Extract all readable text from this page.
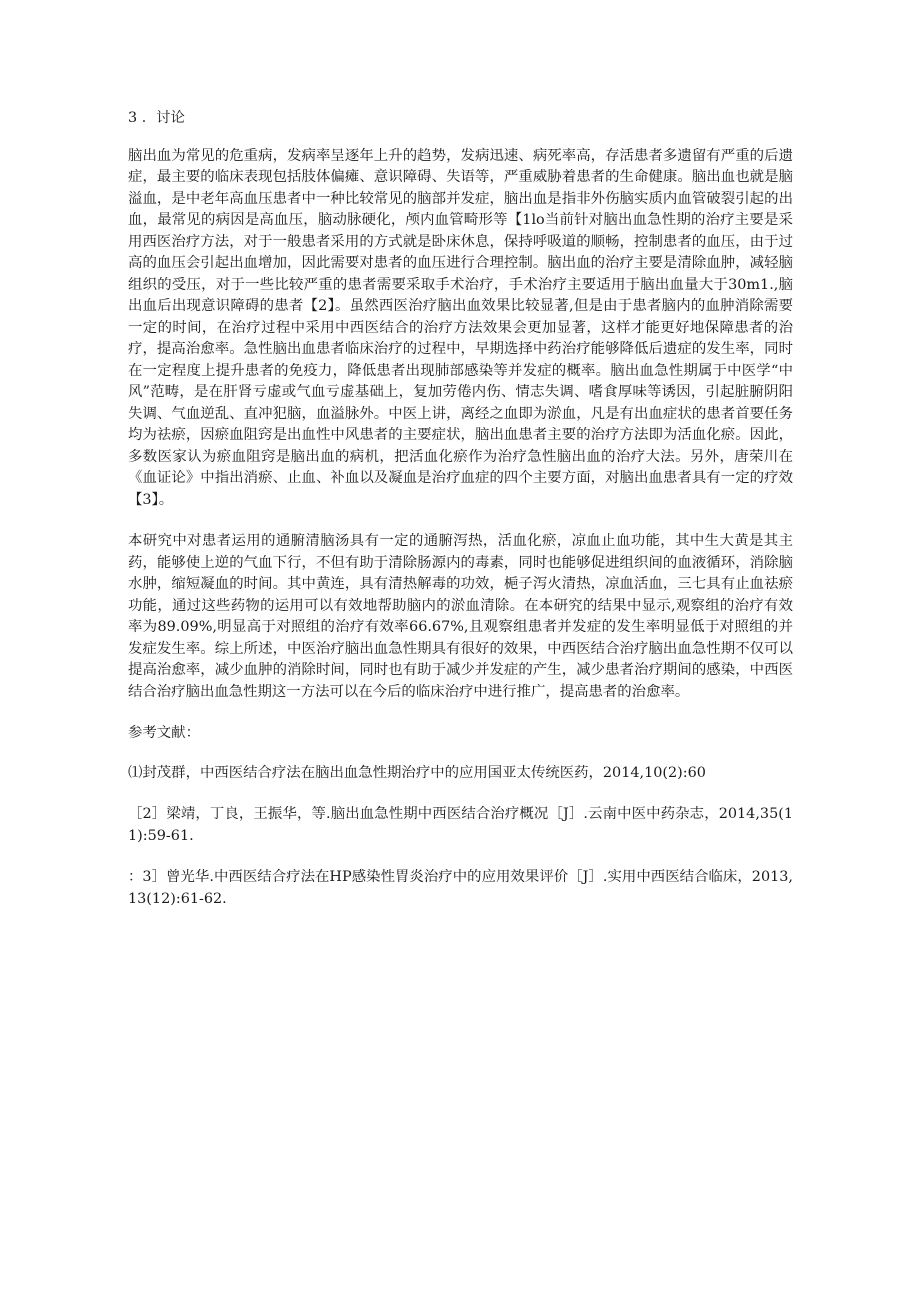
3 ．讨论

脑出血为常见的危重病，发病率呈逐年上升的趋势，发病迅速、病死率高，存活患者多遗留有严重的后遗症，最主要的临床表现包括肢体偏瘫、意识障碍、失语等，严重威胁着患者的生命健康。脑出血也就是脑溢血，是中老年高血压患者中一种比较常见的脑部并发症，脑出血是指非外伤脑实质内血管破裂引起的出血，最常见的病因是高血压，脑动脉硬化，颅内血管畸形等【1lo当前针对脑出血急性期的治疗主要是采用西医治疗方法，对于一般患者采用的方式就是卧床休息，保持呼吸道的顺畅，控制患者的血压，由于过高的血压会引起出血增加，因此需要对患者的血压进行合理控制。脑出血的治疗主要是清除血肿，减轻脑组织的受压，对于一些比较严重的患者需要采取手术治疗，手术治疗主要适用于脑出血量大于30m1.,脑出血后出现意识障碍的患者【2】。虽然西医治疗脑出血效果比较显著,但是由于患者脑内的血肿消除需要一定的时间，在治疗过程中采用中西医结合的治疗方法效果会更加显著，这样才能更好地保障患者的治疗，提高治愈率。急性脑出血患者临床治疗的过程中，早期选择中药治疗能够降低后遗症的发生率，同时在一定程度上提升患者的免疫力，降低患者出现肺部感染等并发症的概率。脑出血急性期属于中医学“中风”范畴，是在肝肾亏虚或气血亏虚基础上，复加劳倦内伤、情志失调、嗜食厚味等诱因，引起脏腑阴阳失调、气血逆乱、直冲犯脑，血溢脉外。中医上讲，离经之血即为淤血，凡是有出血症状的患者首要任务均为祛瘀，因瘀血阻窍是出血性中风患者的主要症状，脑出血患者主要的治疗方法即为活血化瘀。因此，多数医家认为瘀血阻窍是脑出血的病机，把活血化瘀作为治疗急性脑出血的治疗大法。另外，唐荣川在《血证论》中指出消瘀、止血、补血以及凝血是治疗血症的四个主要方面，对脑出血患者具有一定的疗效【3】。

本研究中对患者运用的通腑清脑汤具有一定的通腑泻热，活血化瘀，凉血止血功能，其中生大黄是其主药，能够使上逆的气血下行，不但有助于清除肠源内的毒素，同时也能够促进组织间的血液循环，消除脑水肿，缩短凝血的时间。其中黄连，具有清热解毒的功效，梔子泻火清热，凉血活血，三七具有止血祛瘀功能，通过这些药物的运用可以有效地帮助脑内的淤血清除。在本研究的结果中显示,观察组的治疗有效率为89.09%,明显高于对照组的治疗有效率66.67%,且观察组患者并发症的发生率明显低于对照组的并发症发生率。综上所述，中医治疗脑出血急性期具有很好的效果，中西医结合治疗脑出血急性期不仅可以提高治愈率，减少血肿的消除时间，同时也有助于减少并发症的产生，减少患者治疗期间的感染，中西医结合治疗脑出血急性期这一方法可以在今后的临床治疗中进行推广，提高患者的治愈率。

参考文献：

⑴封茂群，中西医结合疗法在脑出血急性期治疗中的应用国亚太传统医药，2014,10(2):60

［2］梁靖，丁良，王振华，等.脑出血急性期中西医结合治疗概况［J］.云南中医中药杂志，2014,35(11):59-61.

：3］曾光华.中西医结合疗法在HP感染性胃炎治疗中的应用效果评价［J］.实用中西医结合临床，2013,13(12):61-62.
